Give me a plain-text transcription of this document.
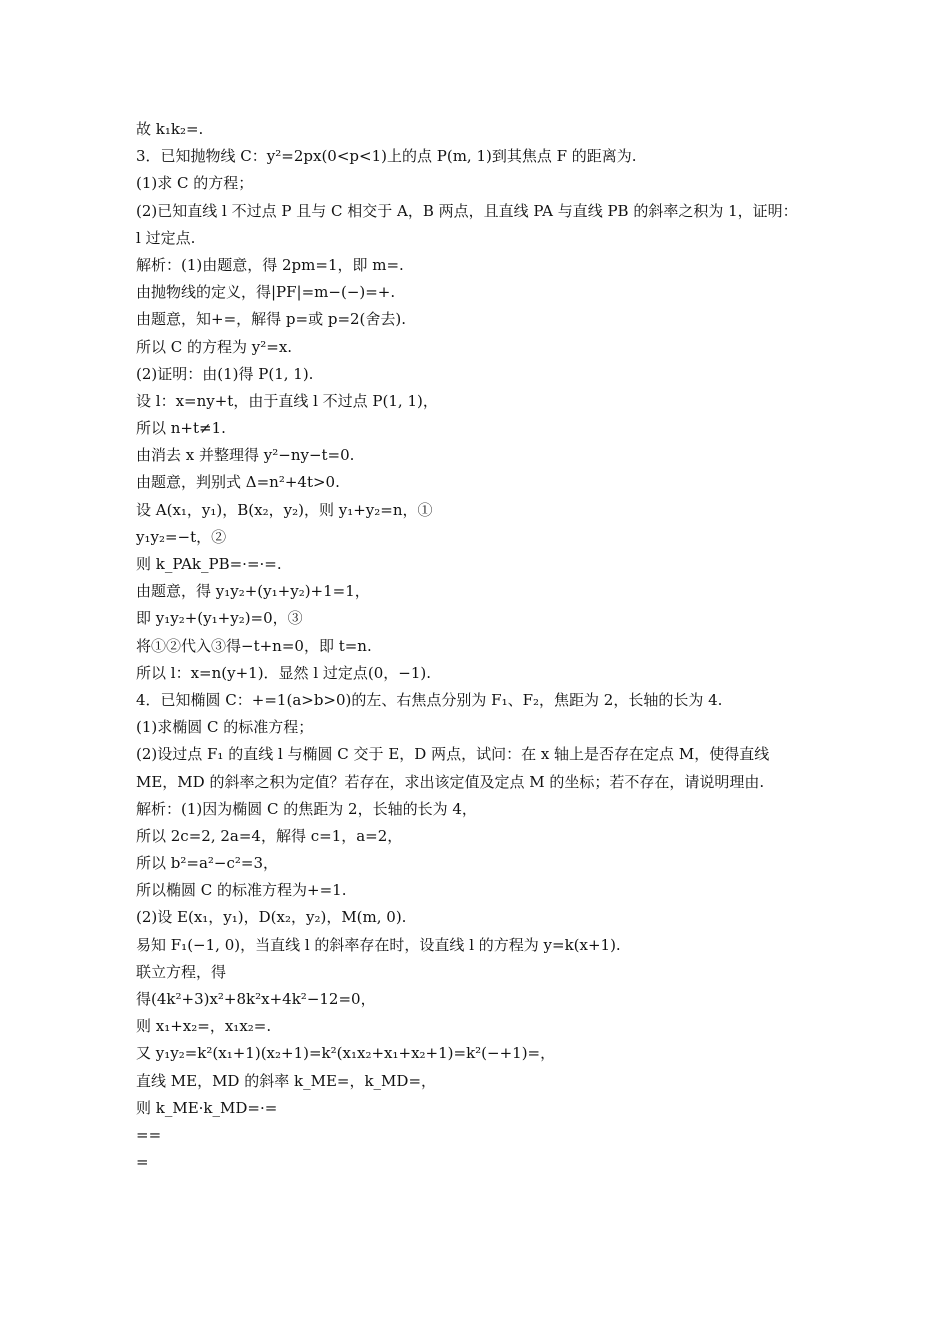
故 k₁k₂=.
3．已知抛物线 C：y²=2px(0<p<1)上的点 P(m, 1)到其焦点 F 的距离为.
(1)求 C 的方程；
(2)已知直线 l 不过点 P 且与 C 相交于 A，B 两点，且直线 PA 与直线 PB 的斜率之积为 1，证明：
l 过定点.
解析：(1)由题意，得 2pm=1，即 m=.
由抛物线的定义，得|PF|=m−(−)=+.
由题意，知+=，解得 p=或 p=2(舍去).
所以 C 的方程为 y²=x.
(2)证明：由(1)得 P(1, 1).
设 l：x=ny+t，由于直线 l 不过点 P(1, 1)，
所以 n+t≠1.
由消去 x 并整理得 y²−ny−t=0.
由题意，判别式 Δ=n²+4t>0.
设 A(x₁，y₁)，B(x₂，y₂)，则 y₁+y₂=n，①
y₁y₂=−t，②
则 k_PAk_PB=·=·=.
由题意，得 y₁y₂+(y₁+y₂)+1=1，
即 y₁y₂+(y₁+y₂)=0，③
将①②代入③得−t+n=0，即 t=n.
所以 l：x=n(y+1)．显然 l 过定点(0，−1).
4．已知椭圆 C：+=1(a>b>0)的左、右焦点分别为 F₁、F₂，焦距为 2，长轴的长为 4.
(1)求椭圆 C 的标准方程；
(2)设过点 F₁ 的直线 l 与椭圆 C 交于 E，D 两点，试问：在 x 轴上是否存在定点 M，使得直线
ME，MD 的斜率之积为定值？若存在，求出该定值及定点 M 的坐标；若不存在，请说明理由.
解析：(1)因为椭圆 C 的焦距为 2，长轴的长为 4，
所以 2c=2, 2a=4，解得 c=1，a=2，
所以 b²=a²−c²=3，
所以椭圆 C 的标准方程为+=1.
(2)设 E(x₁，y₁)，D(x₂，y₂)，M(m, 0).
易知 F₁(−1, 0)，当直线 l 的斜率存在时，设直线 l 的方程为 y=k(x+1).
联立方程，得
得(4k²+3)x²+8k²x+4k²−12=0，
则 x₁+x₂=，x₁x₂=.
又 y₁y₂=k²(x₁+1)(x₂+1)=k²(x₁x₂+x₁+x₂+1)=k²(−+1)=，
直线 ME，MD 的斜率 k_ME=，k_MD=，
则 k_ME·k_MD=·=
==
=
